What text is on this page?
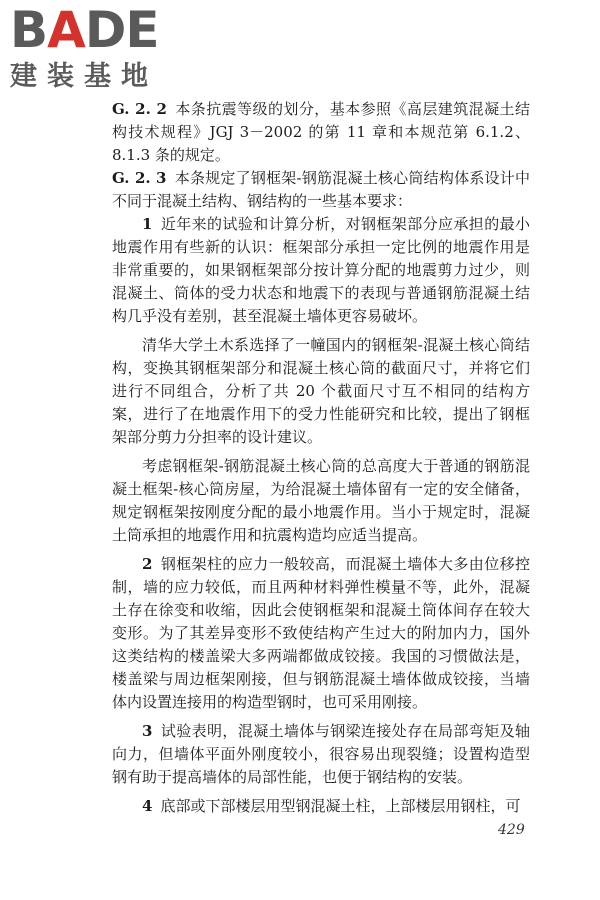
BADE
建装基地

G. 2. 2 本条抗震等级的划分，基本参照《高层建筑混凝土结构技术规程》JGJ 3－2002 的第 11 章和本规范第 6.1.2、8.1.3 条的规定。

G. 2. 3 本条规定了钢框架-钢筋混凝土核心筒结构体系设计中不同于混凝土结构、钢结构的一些基本要求：

1 近年来的试验和计算分析，对钢框架部分应承担的最小地震作用有些新的认识：框架部分承担一定比例的地震作用是非常重要的，如果钢框架部分按计算分配的地震剪力过少，则混凝土、筒体的受力状态和地震下的表现与普通钢筋混凝土结构几乎没有差别，甚至混凝土墙体更容易破坏。

清华大学土木系选择了一幢国内的钢框架-混凝土核心筒结构，变换其钢框架部分和混凝土核心筒的截面尺寸，并将它们进行不同组合，分析了共 20 个截面尺寸互不相同的结构方案，进行了在地震作用下的受力性能研究和比较，提出了钢框架部分剪力分担率的设计建议。

考虑钢框架-钢筋混凝土核心筒的总高度大于普通的钢筋混凝土框架-核心筒房屋，为给混凝土墙体留有一定的安全储备，规定钢框架按刚度分配的最小地震作用。当小于规定时，混凝土筒承担的地震作用和抗震构造均应适当提高。

2 钢框架柱的应力一般较高，而混凝土墙体大多由位移控制，墙的应力较低，而且两种材料弹性模量不等，此外，混凝土存在徐变和收缩，因此会使钢框架和混凝土筒体间存在较大变形。为了其差异变形不致使结构产生过大的附加内力，国外这类结构的楼盖梁大多两端都做成铰接。我国的习惯做法是，楼盖梁与周边框架刚接，但与钢筋混凝土墙体做成铰接，当墙体内设置连接用的构造型钢时，也可采用刚接。

3 试验表明，混凝土墙体与钢梁连接处存在局部弯矩及轴向力，但墙体平面外刚度较小，很容易出现裂缝；设置构造型钢有助于提高墙体的局部性能，也便于钢结构的安装。

4 底部或下部楼层用型钢混凝土柱，上部楼层用钢柱，可

429
